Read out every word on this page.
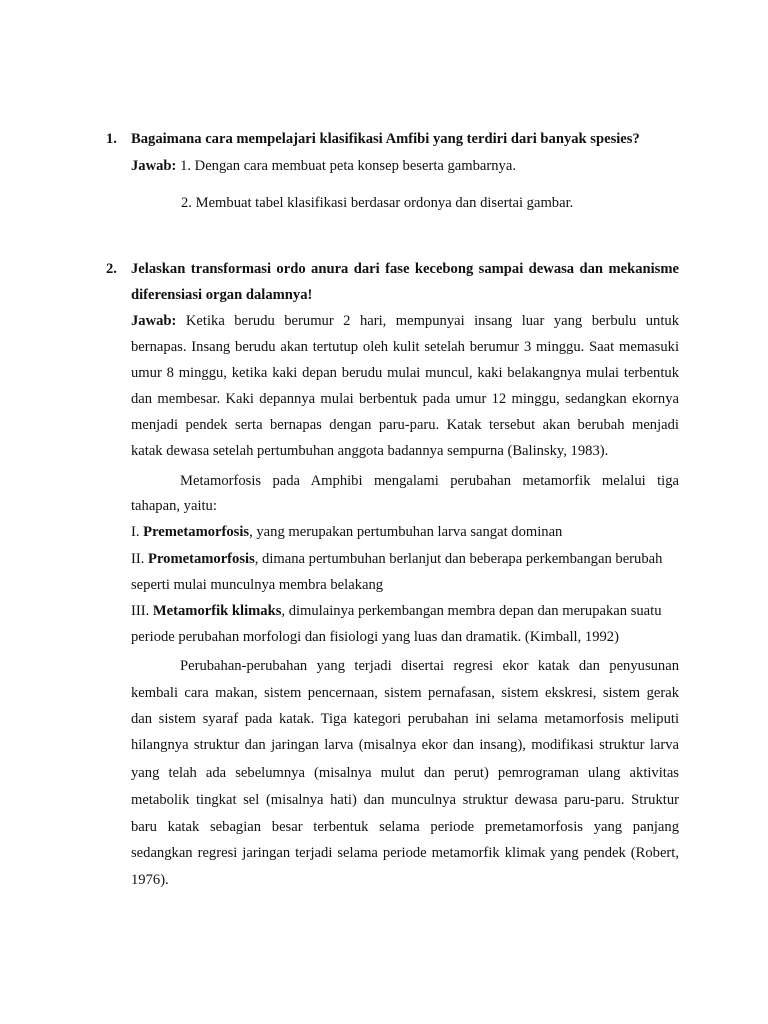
1. Bagaimana cara mempelajari klasifikasi Amfibi yang terdiri dari banyak spesies?
Jawab: 1. Dengan cara membuat peta konsep beserta gambarnya.
2. Membuat tabel klasifikasi berdasar ordonya dan disertai gambar.
2. Jelaskan transformasi ordo anura dari fase kecebong sampai dewasa dan mekanisme
diferensiasi organ dalamnya!
Jawab: Ketika berudu berumur 2 hari, mempunyai insang luar yang berbulu untuk
bernapas. Insang berudu akan tertutup oleh kulit setelah berumur 3 minggu. Saat memasuki
umur 8 minggu, ketika kaki depan berudu mulai muncul, kaki belakangnya mulai terbentuk
dan membesar. Kaki depannya mulai berbentuk pada umur 12 minggu, sedangkan ekornya
menjadi pendek serta bernapas dengan paru-paru. Katak tersebut akan berubah menjadi
katak dewasa setelah pertumbuhan anggota badannya sempurna (Balinsky, 1983).
Metamorfosis pada Amphibi mengalami perubahan metamorfik melalui tiga
tahapan, yaitu:
I. Premetamorfosis, yang merupakan pertumbuhan larva sangat dominan
II. Prometamorfosis, dimana pertumbuhan berlanjut dan beberapa perkembangan berubah
seperti mulai munculnya membra belakang
III. Metamorfik klimaks, dimulainya perkembangan membra depan dan merupakan suatu
periode perubahan morfologi dan fisiologi yang luas dan dramatik. (Kimball, 1992)
Perubahan-perubahan yang terjadi disertai regresi ekor katak dan penyusunan
kembali cara makan, sistem pencernaan, sistem pernafasan, sistem ekskresi, sistem gerak
dan sistem syaraf pada katak. Tiga kategori perubahan ini selama metamorfosis meliputi
hilangnya struktur dan jaringan larva (misalnya ekor dan insang), modifikasi struktur larva
yang telah ada sebelumnya (misalnya mulut dan perut) pemrograman ulang aktivitas
metabolik tingkat sel (misalnya hati) dan munculnya struktur dewasa paru-paru. Struktur
baru katak sebagian besar terbentuk selama periode premetamorfosis yang panjang
sedangkan regresi jaringan terjadi selama periode metamorfik klimak yang pendek (Robert,
1976).
